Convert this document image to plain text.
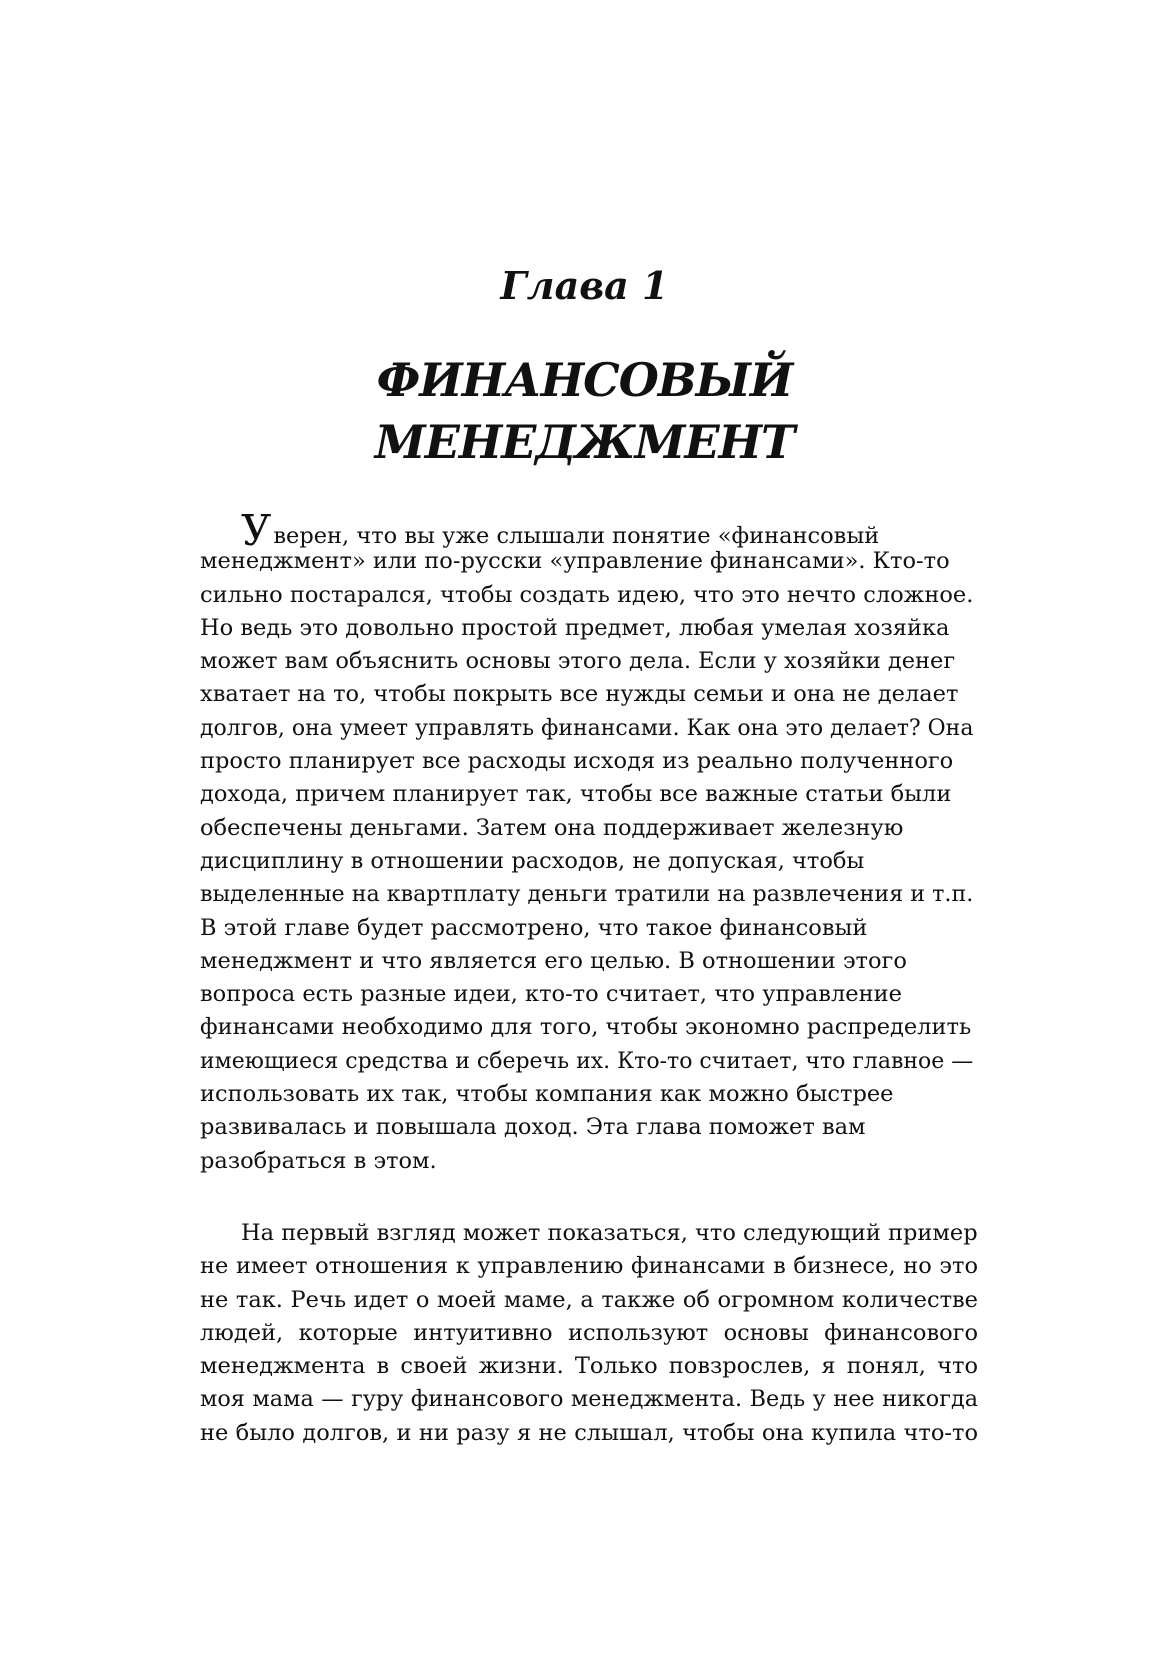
Глава 1
ФИНАНСОВЫЙ
МЕНЕДЖМЕНТ
Уверен, что вы уже слышали понятие «финансовый
менеджмент» или по-русски «управление финансами». Кто-то
сильно постарался, чтобы создать идею, что это нечто сложное.
Но ведь это довольно простой предмет, любая умелая хозяйка
может вам объяснить основы этого дела. Если у хозяйки денег
хватает на то, чтобы покрыть все нужды семьи и она не делает
долгов, она умеет управлять финансами. Как она это делает? Она
просто планирует все расходы исходя из реально полученного
дохода, причем планирует так, чтобы все важные статьи были
обеспечены деньгами. Затем она поддерживает железную
дисциплину в отношении расходов, не допуская, чтобы
выделенные на квартплату деньги тратили на развлечения и т.п.
В этой главе будет рассмотрено, что такое финансовый
менеджмент и что является его целью. В отношении этого
вопроса есть разные идеи, кто-то считает, что управление
финансами необходимо для того, чтобы экономно распределить
имеющиеся средства и сберечь их. Кто-то считает, что главное —
использовать их так, чтобы компания как можно быстрее
развивалась и повышала доход. Эта глава поможет вам
разобраться в этом.
На первый взгляд может показаться, что следующий пример
не имеет отношения к управлению финансами в бизнесе, но это
не так. Речь идет о моей маме, а также об огромном количестве
людей, которые интуитивно используют основы финансового
менеджмента в своей жизни. Только повзрослев, я понял, что
моя мама — гуру финансового менеджмента. Ведь у нее никогда
не было долгов, и ни разу я не слышал, чтобы она купила что-то
